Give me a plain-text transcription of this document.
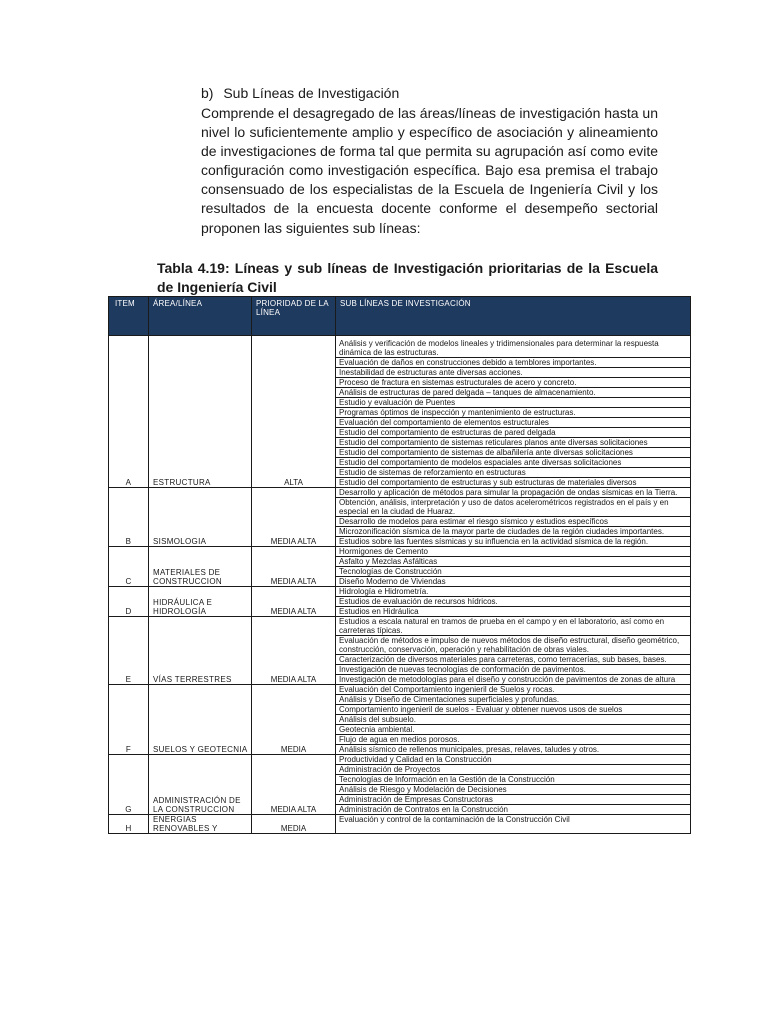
b) Sub Líneas de Investigación

Comprende el desagregado de las áreas/líneas de investigación hasta un nivel lo suficientemente amplio y específico de asociación y alineamiento de investigaciones de forma tal que permita su agrupación así como evite configuración como investigación específica. Bajo esa premisa el trabajo consensuado de los especialistas de la Escuela de Ingeniería Civil y los resultados de la encuesta docente conforme el desempeño sectorial proponen las siguientes sub líneas:

Tabla 4.19: Líneas y sub líneas de Investigación prioritarias de la Escuela de Ingeniería Civil

ITEM	ÁREA/LÍNEA	PRIORIDAD DE LA LÍNEA	SUB LÍNEAS DE INVESTIGACIÓN
A	ESTRUCTURA	ALTA	Análisis y verificación de modelos lineales y tridimensionales para determinar la respuesta dinámica de las estructuras.
			Evaluación de daños en construcciones debido a temblores importantes.
			Inestabilidad de estructuras ante diversas acciones.
			Proceso de fractura en sistemas estructurales de acero y concreto.
			Análisis de estructuras de pared delgada – tanques de almacenamiento.
			Estudio y evaluación de Puentes
			Programas óptimos de inspección y mantenimiento de estructuras.
			Evaluación del comportamiento de elementos estructurales
			Estudio del comportamiento de estructuras de pared delgada
			Estudio del comportamiento de sistemas reticulares planos ante diversas solicitaciones
			Estudio del comportamiento de sistemas de albañilería ante diversas solicitaciones
			Estudio del comportamiento de modelos espaciales ante diversas solicitaciones
			Estudio de sistemas de reforzamiento en estructuras
			Estudio del comportamiento de estructuras y sub estructuras de materiales diversos
B	SISMOLOGIA	MEDIA ALTA	Desarrollo y aplicación de métodos para simular la propagación de ondas sísmicas en la Tierra.
			Obtención, análisis, interpretación y uso de datos acelerométricos registrados en el país y en especial en la ciudad de Huaraz.
			Desarrollo de modelos para estimar el riesgo sísmico y estudios específicos
			Microzonificación sísmica de la mayor parte de ciudades de la región ciudades importantes.
			Estudios sobre las fuentes sísmicas y su influencia en la actividad sísmica de la región.
C	MATERIALES DE CONSTRUCCION	MEDIA ALTA	Hormigones de Cemento
			Asfalto y Mezclas Asfálticas
			Tecnologías de Construcción
			Diseño Moderno de Viviendas
D	HIDRÁULICA E HIDROLOGÍA	MEDIA ALTA	Hidrología e Hidrometría.
			Estudios de evaluación de recursos hídricos.
			Estudios en Hidráulica
E	VÍAS TERRESTRES	MEDIA ALTA	Estudios a escala natural en tramos de prueba en el campo y en el laboratorio, así como en carreteras típicas.
			Evaluación de métodos e impulso de nuevos métodos de diseño estructural, diseño geométrico, construcción, conservación, operación y rehabilitación de obras viales.
			Caracterización de diversos materiales para carreteras, como terracerías, sub bases, bases.
			Investigación de nuevas tecnologías de conformación de pavimentos.
			Investigación de metodologías para el diseño y construcción de pavimentos de zonas de altura
F	SUELOS Y GEOTECNIA	MEDIA	Evaluación del Comportamiento ingenieril de Suelos y rocas.
			Análisis y Diseño de Cimentaciones superficiales y profundas.
			Comportamiento ingenieril de suelos - Evaluar y obtener nuevos usos de suelos
			Análisis del subsuelo.
			Geotecnia ambiental.
			Flujo de agua en medios porosos.
			Análisis sísmico de rellenos municipales, presas, relaves, taludes y otros.
G	ADMINISTRACIÓN DE LA CONSTRUCCION	MEDIA ALTA	Productividad y Calidad en la Construcción
			Administración de Proyectos
			Tecnologías de Información en la Gestión de la Construcción
			Análisis de Riesgo y Modelación de Decisiones
			Administración de Empresas Constructoras
			Administración de Contratos en la Construcción
H	ENERGIAS RENOVABLES Y	MEDIA	Evaluación y control de la contaminación de la Construcción Civil
